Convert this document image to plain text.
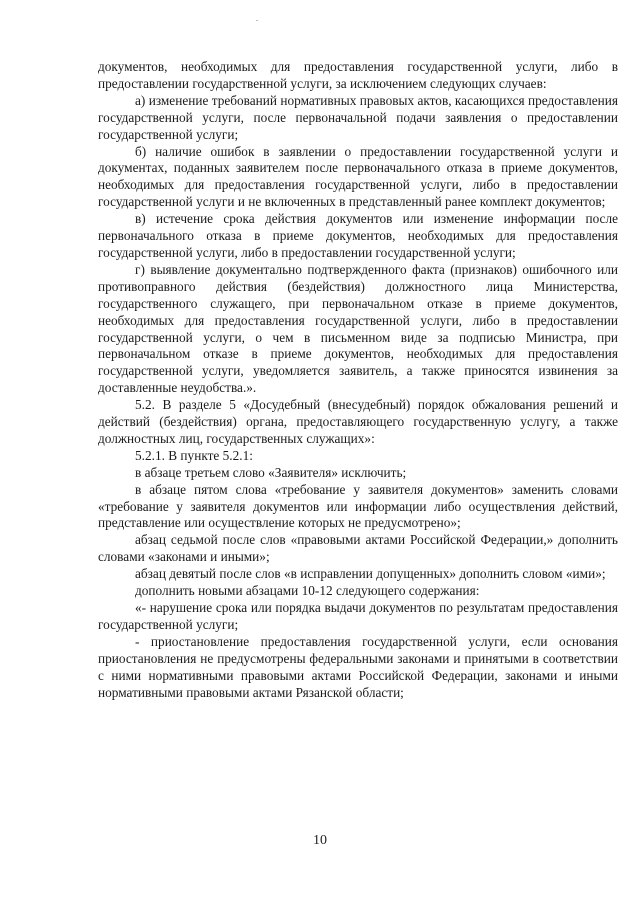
документов, необходимых для предоставления государственной услуги, либо в предоставлении государственной услуги, за исключением следующих случаев:

а) изменение требований нормативных правовых актов, касающихся предоставления государственной услуги, после первоначальной подачи заявления о предоставлении государственной услуги;

б) наличие ошибок в заявлении о предоставлении государственной услуги и документах, поданных заявителем после первоначального отказа в приеме документов, необходимых для предоставления государственной услуги, либо в предоставлении государственной услуги и не включенных в представленный ранее комплект документов;

в) истечение срока действия документов или изменение информации после первоначального отказа в приеме документов, необходимых для предоставления государственной услуги, либо в предоставлении государственной услуги;

г) выявление документально подтвержденного факта (признаков) ошибочного или противоправного действия (бездействия) должностного лица Министерства, государственного служащего, при первоначальном отказе в приеме документов, необходимых для предоставления государственной услуги, либо в предоставлении государственной услуги, о чем в письменном виде за подписью Министра, при первоначальном отказе в приеме документов, необходимых для предоставления государственной услуги, уведомляется заявитель, а также приносятся извинения за доставленные неудобства.».

5.2. В разделе 5 «Досудебный (внесудебный) порядок обжалования решений и действий (бездействия) органа, предоставляющего государственную услугу, а также должностных лиц, государственных служащих»:

5.2.1. В пункте 5.2.1:

в абзаце третьем слово «Заявителя» исключить;

в абзаце пятом слова «требование у заявителя документов» заменить словами «требование у заявителя документов или информации либо осуществления действий, представление или осуществление которых не предусмотрено»;

абзац седьмой после слов «правовыми актами Российской Федерации,» дополнить словами «законами и иными»;

абзац девятый после слов «в исправлении допущенных» дополнить словом «ими»;

дополнить новыми абзацами 10-12 следующего содержания:

«- нарушение срока или порядка выдачи документов по результатам предоставления государственной услуги;

- приостановление предоставления государственной услуги, если основания приостановления не предусмотрены федеральными законами и принятыми в соответствии с ними нормативными правовыми актами Российской Федерации, законами и иными нормативными правовыми актами Рязанской области;

10
